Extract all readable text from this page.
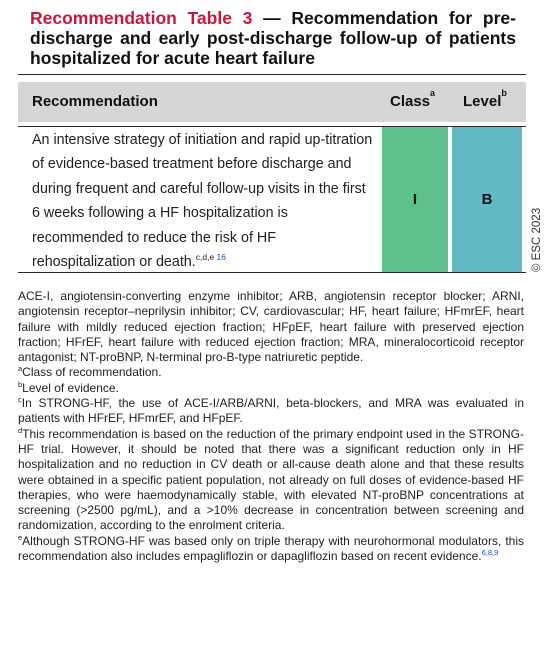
Recommendation Table 3 — Recommendation for pre-discharge and early post-discharge follow-up of patients hospitalized for acute heart failure
Recommendation	Class$^a$ Level$^b$
An intensive strategy of initiation and rapid up-titration of evidence-based treatment before discharge and during frequent and careful follow-up visits in the first 6 weeks following a HF hospitalization is recommended to reduce the risk of HF rehospitalization or death.$^{c,d,e 16}$
I	B
© ESC 2023

ACE-I, angiotensin-converting enzyme inhibitor; ARB, angiotensin receptor blocker; ARNI, angiotensin receptor–neprilysin inhibitor; CV, cardiovascular; HF, heart failure; HFmrEF, heart failure with mildly reduced ejection fraction; HFpEF, heart failure with preserved ejection fraction; HFrEF, heart failure with reduced ejection fraction; MRA, mineralocorticoid receptor antagonist; NT-proBNP, N-terminal pro-B-type natriuretic peptide.

$^a$Class of recommendation.

$^b$Level of evidence.

$^c$In STRONG-HF, the use of ACE-I/ARB/ARNI, beta-blockers, and MRA was evaluated in patients with HFrEF, HFmrEF, and HFpEF.

$^d$This recommendation is based on the reduction of the primary endpoint used in the STRONG-HF trial. However, it should be noted that there was a significant reduction only in HF hospitalization and no reduction in CV death or all-cause death alone and that these results were obtained in a specific patient population, not already on full doses of evidence-based HF therapies, who were haemodynamically stable, with elevated NT-proBNP concentrations at screening (>2500 pg/mL), and a >10% decrease in concentration between screening and randomization, according to the enrolment criteria.

$^e$Although STRONG-HF was based only on triple therapy with neurohormonal modulators, this recommendation also includes empagliflozin or dapagliflozin based on recent evidence.$^{6,8,9}$
